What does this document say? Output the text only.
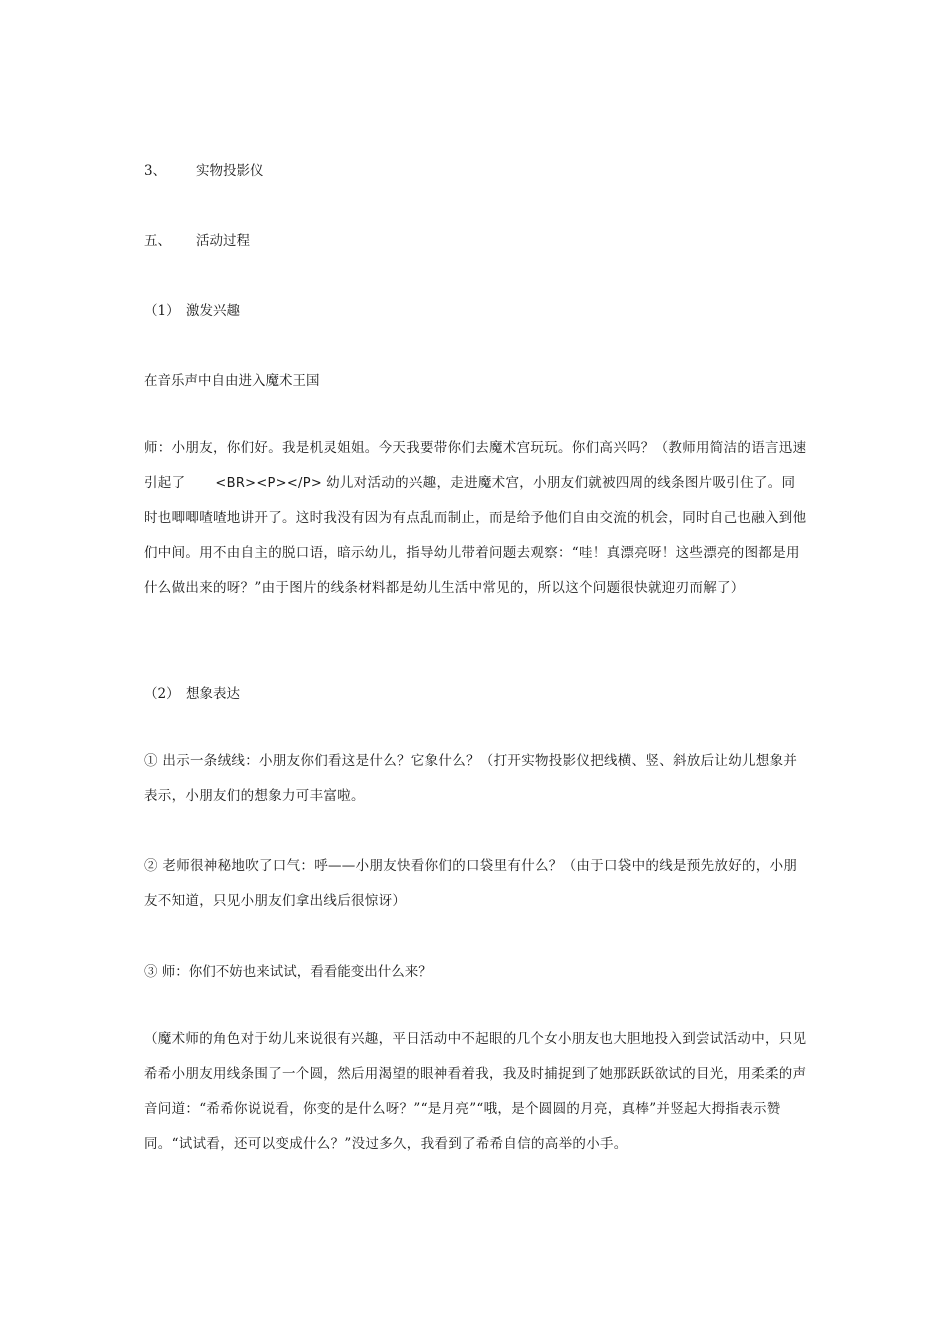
3、 实物投影仪
五、 活动过程
（1） 激发兴趣
在音乐声中自由进入魔术王国
师：小朋友，你们好。我是机灵姐姐。今天我要带你们去魔术宫玩玩。你们高兴吗？（教师用简洁的语言迅速引起了 <BR><P></P> 幼儿对活动的兴趣，走进魔术宫，小朋友们就被四周的线条图片吸引住了。同时也唧唧喳喳地讲开了。这时我没有因为有点乱而制止，而是给予他们自由交流的机会，同时自己也融入到他们中间。用不由自主的脱口语，暗示幼儿，指导幼儿带着问题去观察：“哇！真漂亮呀！这些漂亮的图都是用什么做出来的呀？”由于图片的线条材料都是幼儿生活中常见的，所以这个问题很快就迎刃而解了）
（2） 想象表达
① 出示一条绒线：小朋友你们看这是什么？它象什么？（打开实物投影仪把线横、竖、斜放后让幼儿想象并表示，小朋友们的想象力可丰富啦。
② 老师很神秘地吹了口气：呼——小朋友快看你们的口袋里有什么？（由于口袋中的线是预先放好的，小朋友不知道，只见小朋友们拿出线后很惊讶）
③ 师：你们不妨也来试试，看看能变出什么来？
（魔术师的角色对于幼儿来说很有兴趣，平日活动中不起眼的几个女小朋友也大胆地投入到尝试活动中，只见希希小朋友用线条围了一个圆，然后用渴望的眼神看着我，我及时捕捉到了她那跃跃欲试的目光，用柔柔的声音问道：“希希你说说看，你变的是什么呀？”“是月亮”“哦，是个圆圆的月亮，真棒”并竖起大拇指表示赞同。“试试看，还可以变成什么？”没过多久，我看到了希希自信的高举的小手。
